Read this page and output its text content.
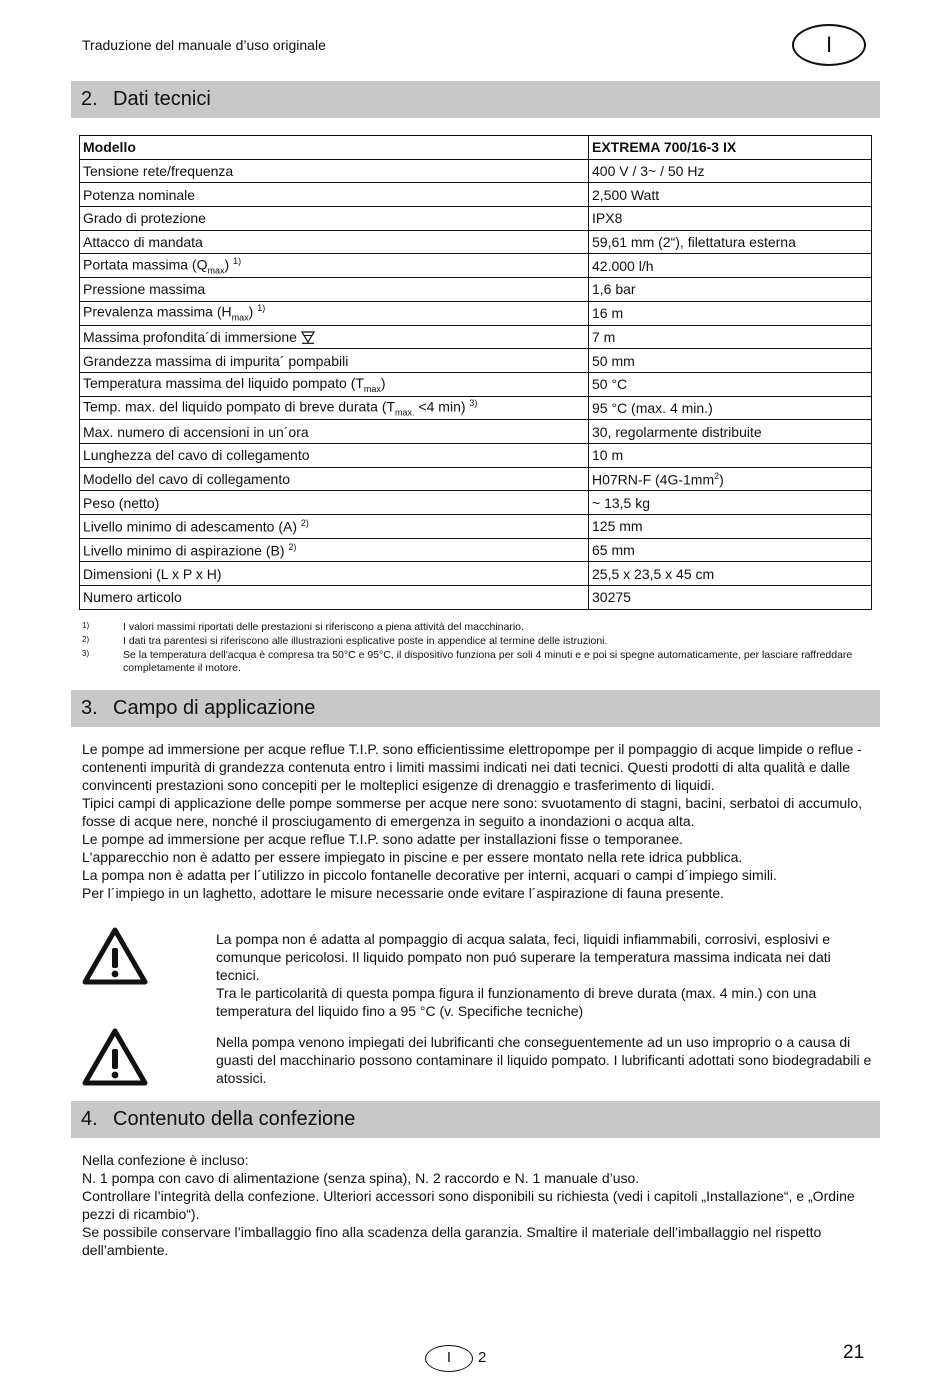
Traduzione del manuale d’uso originale	I
2. Dati tecnici
Modello	EXTREMA 700/16-3 IX
Tensione rete/frequenza	400 V / 3~ / 50 Hz
Potenza nominale	2,500 Watt
Grado di protezione	IPX8
Attacco di mandata	59,61 mm (2“), filettatura esterna
Portata massima $(Q_{max})$ $^{1)}$	42.000 l/h
Pressione massima	1,6 bar
Prevalenza massima $(H_{max})$ $^{1)}$	16 m
Massima profondita´di immersione	7 m
Grandezza massima di impurita´ pompabili	50 mm
Temperatura massima del liquido pompato $(T_{max})$	50 °C
Temp. max. del liquido pompato di breve durata ($T_{max.} <4$ min) $^{3)}$	95 °C (max. 4 min.)
Max. numero di accensioni in un´ora	30, regolarmente distribuite
Lunghezza del cavo di collegamento	10 m
Modello del cavo di collegamento	H07RN-F $(4G-1mm^2)$
Peso (netto)	~ 13,5 kg
Livello minimo di adescamento (A) $^{2)}$	125 mm
Livello minimo di aspirazione (B) $^{2)}$	65 mm
Dimensioni (L x P x H)	25,5 x 23,5 x 45 cm
Numero articolo	30275
1)	I valori massimi riportati delle prestazioni si riferiscono a piena attività del macchinario.
2)	I dati tra parentesi si riferiscono alle illustrazioni esplicative poste in appendice al termine delle istruzioni.
3)	Se la temperatura dell'acqua è compresa tra 50°C e 95°C, il dispositivo funziona per soli 4 minuti e e poi si spegne automaticamente, per lasciare raffreddare completamente il motore.
3. Campo di applicazione

Le pompe ad immersione per acque reflue T.I.P. sono efficientissime elettropompe per il pompaggio di acque limpide o reflue - contenenti impurità di grandezza contenuta entro i limiti massimi indicati nei dati tecnici. Questi prodotti di alta qualità e dalle convincenti prestazioni sono concepiti per le molteplici esigenze di drenaggio e trasferimento di liquidi.

Tipici campi di applicazione delle pompe sommerse per acque nere sono: svuotamento di stagni, bacini, serbatoi di accumulo, fosse di acque nere, nonché il prosciugamento di emergenza in seguito a inondazioni o acqua alta.

Le pompe ad immersione per acque reflue T.I.P. sono adatte per installazioni fisse o temporanee.

L'apparecchio non è adatto per essere impiegato in piscine e per essere montato nella rete idrica pubblica.

La pompa non è adatta per l´utilizzo in piccolo fontanelle decorative per interni, acquari o campi d´impiego simili.

Per l´impiego in un laghetto, adottare le misure necessarie onde evitare l´aspirazione di fauna presente.

La pompa non é adatta al pompaggio di acqua salata, feci, liquidi infiammabili, corrosivi, esplosivi e comunque pericolosi. Il liquido pompato non puó superare la temperatura massima indicata nei dati tecnici.

Tra le particolarità di questa pompa figura il funzionamento di breve durata (max. 4 min.) con una temperatura del liquido fino a 95 °C (v. Specifiche tecniche)

Nella pompa venono impiegati dei lubrificanti che conseguentemente ad un uso improprio o a causa di guasti del macchinario possono contaminare il liquido pompato. I lubrificanti adottati sono biodegradabili e atossici.

4. Contenuto della confezione

Nella confezione è incluso:

N. 1 pompa con cavo di alimentazione (senza spina), N. 2 raccordo e N. 1 manuale d’uso.

Controllare l’integrità della confezione. Ulteriori accessori sono disponibili su richiesta (vedi i capitoli „Installazione“, e „Ordine pezzi di ricambio“).

Se possibile conservare l’imballaggio fino alla scadenza della garanzia. Smaltire il materiale dell’imballaggio nel rispetto dell’ambiente.

I	2	21
